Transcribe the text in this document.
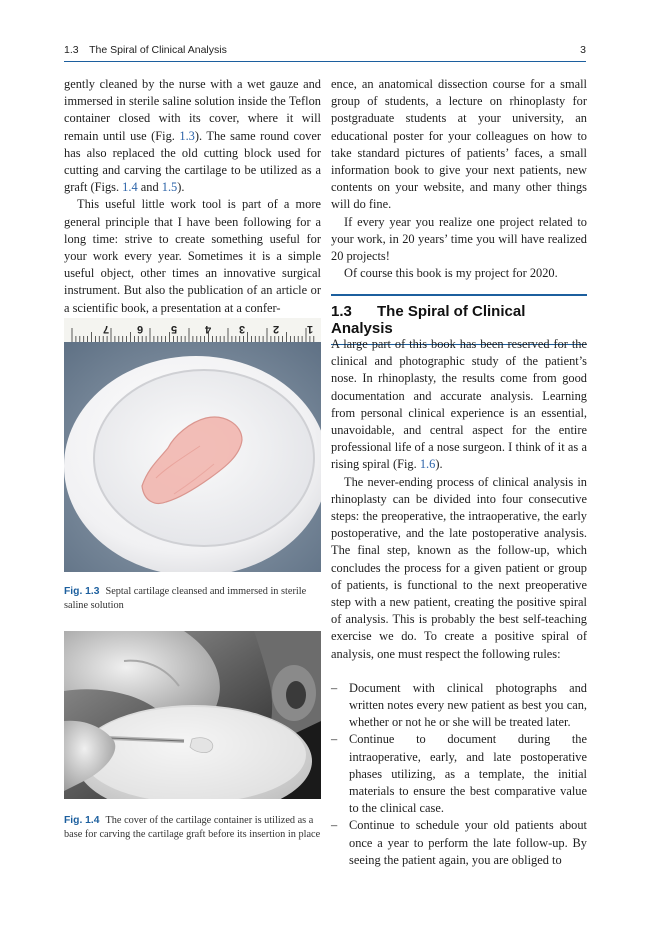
1.3 The Spiral of Clinical Analysis	3

gently cleaned by the nurse with a wet gauze and immersed in sterile saline solution inside the Teflon container closed with its cover, where it will remain until use (Fig. 1.3). The same round cover has also replaced the old cutting block used for cutting and carving the cartilage to be utilized as a graft (Figs. 1.4 and 1.5).

This useful little work tool is part of a more general principle that I have been following for a long time: strive to create something useful for your work every year. Sometimes it is a simple useful object, other times an innovative surgical instrument. But also the publication of an article or a scientific book, a presentation at a confer-

7	6	5	4	3	2	1
Fig. 1.3 Septal cartilage cleansed and immersed in sterile saline solution
Fig. 1.4 The cover of the cartilage container is utilized as a base for carving the cartilage graft before its insertion in place

ence, an anatomical dissection course for a small group of students, a lecture on rhinoplasty for postgraduate students at your university, an educational poster for your colleagues on how to take standard pictures of patients’ faces, a small information book to give your next patients, new contents on your website, and many other things will do fine.

If every year you realize one project related to your work, in 20 years’ time you will have realized 20 projects!

Of course this book is my project for 2020.

1.3 The Spiral of Clinical Analysis

A large part of this book has been reserved for the clinical and photographic study of the patient’s nose. In rhinoplasty, the results come from good documentation and accurate analysis. Learning from personal clinical experience is an essential, unavoidable, and central aspect for the entire professional life of a nose surgeon. I think of it as a rising spiral (Fig. 1.6).

The never-ending process of clinical analysis in rhinoplasty can be divided into four consecutive steps: the preoperative, the intraoperative, the early postoperative, and the late postoperative analysis. The final step, known as the follow-up, which concludes the process for a given patient or group of patients, is functional to the next preoperative step with a new patient, creating the positive spiral of analysis. This is probably the best self-teaching exercise we do. To create a positive spiral of analysis, one must respect the following rules:

– Document with clinical photographs and written notes every new patient as best you can, whether or not he or she will be treated later.
– Continue to document during the intraoperative, early, and late postoperative phases utilizing, as a template, the initial materials to ensure the best comparative value to the clinical case.
– Continue to schedule your old patients about once a year to perform the late follow-up. By seeing the patient again, you are obliged to
